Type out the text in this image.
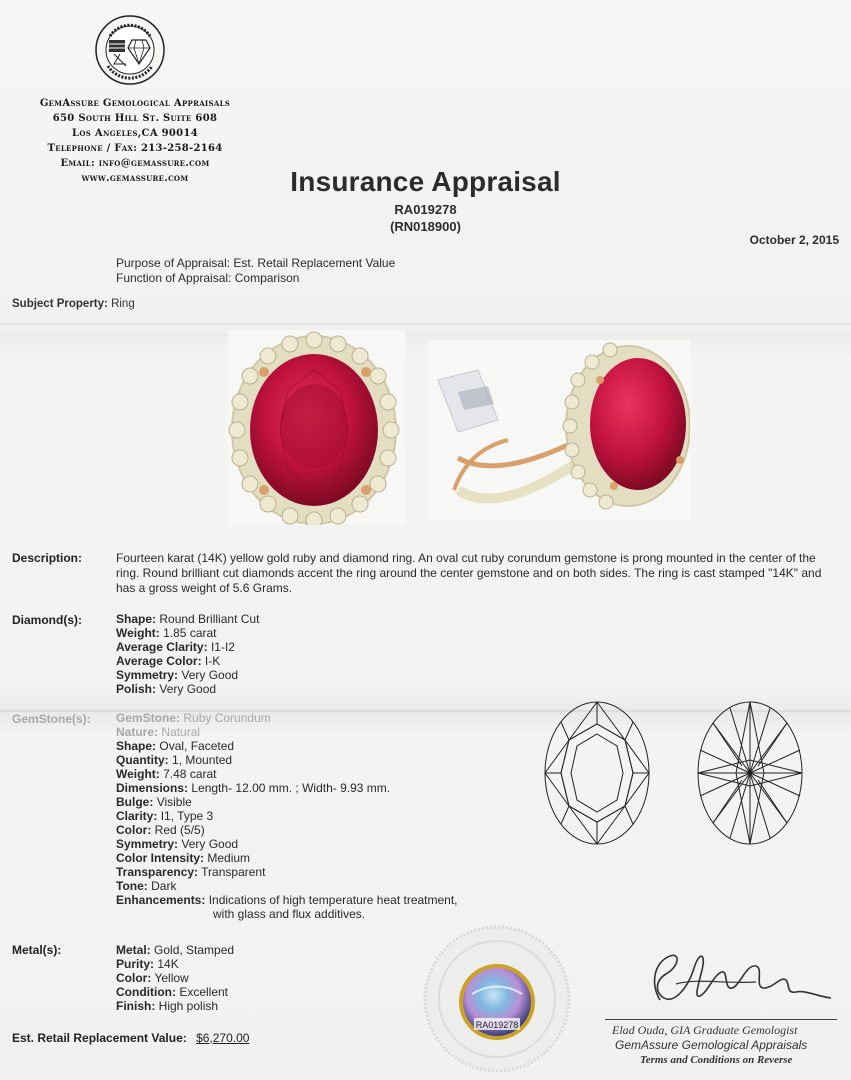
GemAssure Gemological Appraisals
650 South Hill St. Suite 608
Los Angeles,CA 90014
Telephone / Fax: 213-258-2164
Email: info@gemassure.com
www.gemassure.com	Insurance Appraisal
RA019278
(RN018900)
October 2, 2015
Purpose of Appraisal: Est. Retail Replacement Value
Function of Appraisal: Comparison
Subject Property: Ring
Description:	Fourteen karat (14K) yellow gold ruby and diamond ring. An oval cut ruby corundum gemstone is prong mounted in the center of the ring. Round brilliant cut diamonds accent the ring around the center gemstone and on both sides. The ring is cast stamped "14K" and has a gross weight of 5.6 Grams.
Diamond(s):	Shape: Round Brilliant Cut
Weight: 1.85 carat
Average Clarity: I1-I2
Average Color: I-K
Symmetry: Very Good
Polish: Very Good
GemStone(s): GemStone: Ruby Corundum
Nature: Natural
Shape: Oval, Faceted
Quantity: 1, Mounted
Weight: 7.48 carat
Dimensions: Length- 12.00 mm. ; Width- 9.93 mm.
Bulge: Visible
Clarity: I1, Type 3
Color: Red (5/5)
Symmetry: Very Good
Color Intensity: Medium
Transparency: Transparent
Tone: Dark
Enhancements: Indications of high temperature heat treatment,
with glass and flux additives.
Metal(s):	Metal: Gold, Stamped
Purity: 14K
Color: Yellow
Condition: Excellent
Finish: High polish
Est. Retail Replacement Value: $6,270.00
RA019278	Elad Ouda, GIA Graduate Gemologist
GemAssure Gemological Appraisals
Terms and Conditions on Reverse
